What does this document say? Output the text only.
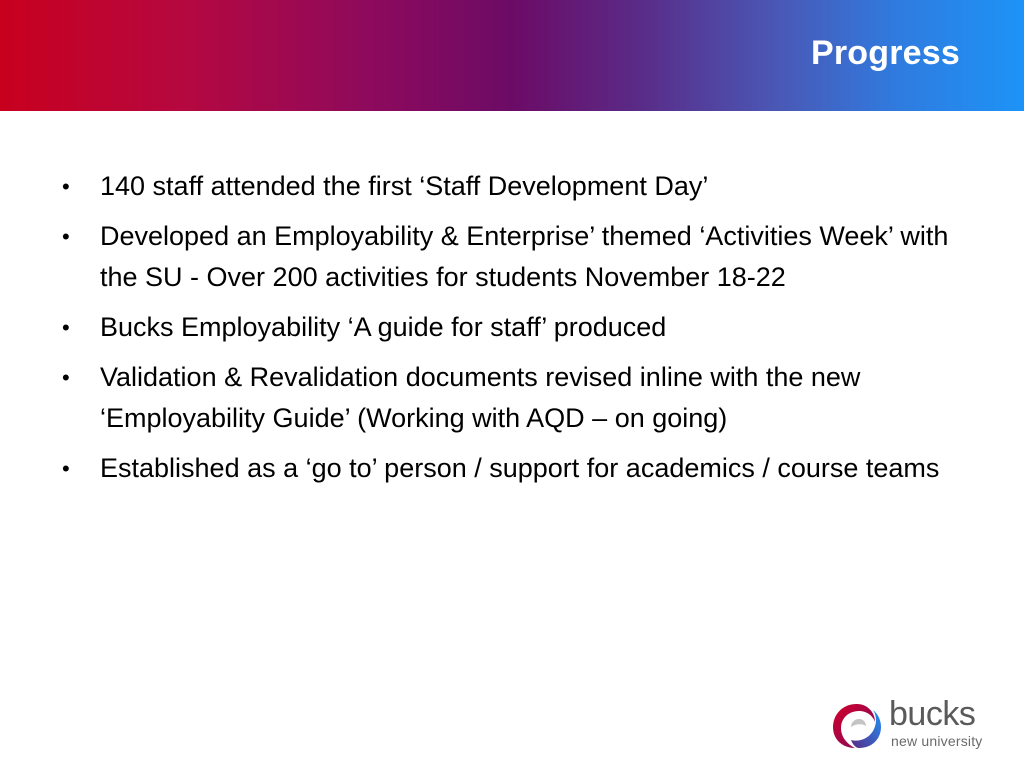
Progress
•	140 staff attended the first ‘Staff Development Day’
•	Developed an Employability & Enterprise’ themed ‘Activities Week’ with the SU - Over 200 activities for students November 18-22
•	Bucks Employability ‘A guide for staff’ produced
•	Validation & Revalidation documents revised inline with the new ‘Employability Guide’ (Working with AQD – on going)
•	Established as a ‘go to’ person / support for academics / course teams
bucks
new university
